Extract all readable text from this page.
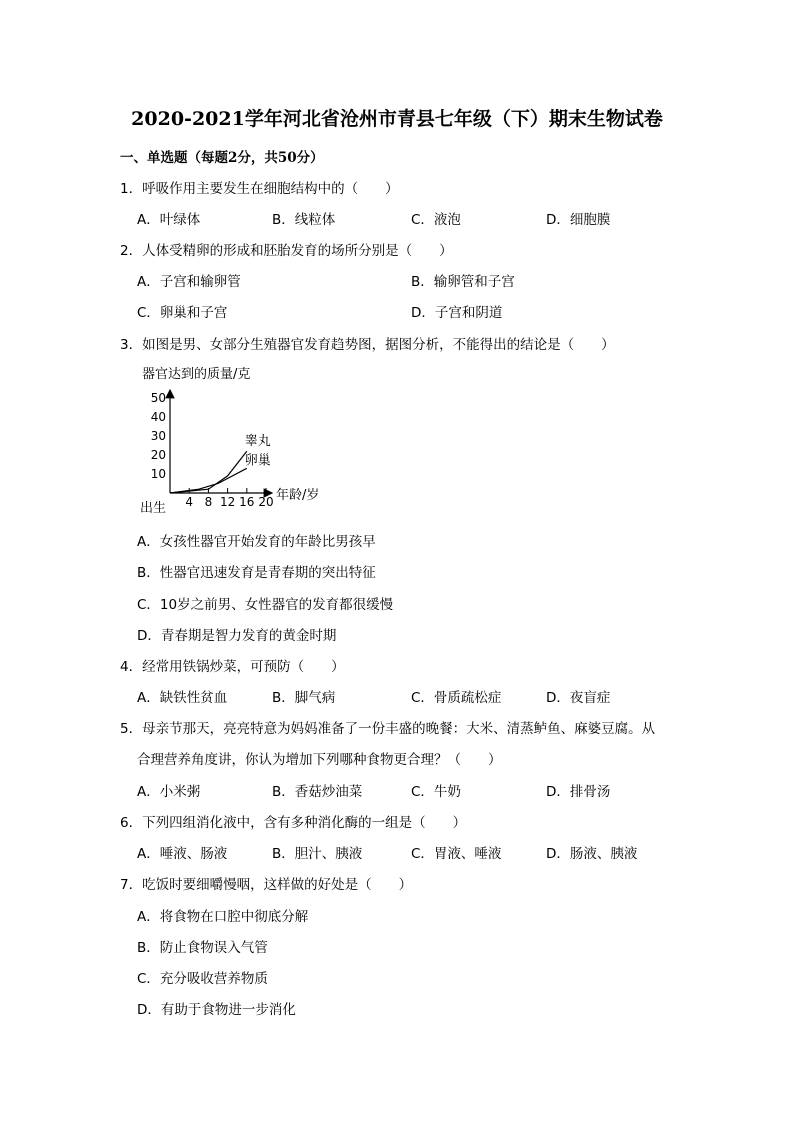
2020-2021学年河北省沧州市青县七年级（下）期末生物试卷
一、单选题（每题2分，共50分）
1．呼吸作用主要发生在细胞结构中的（　　）
A．叶绿体	B．线粒体	C．液泡	D．细胞膜
2．人体受精卵的形成和胚胎发育的场所分别是（　　）
A．子宫和输卵管	B．输卵管和子宫
C．卵巢和子宫	D．子宫和阴道
3．如图是男、女部分生殖器官发育趋势图，据图分析，不能得出的结论是（　　）
器官达到的质量/克
年龄/岁
出生
10
20
30
40
50
4 8 12 16 20
睾丸
卵巢
A．女孩性器官开始发育的年龄比男孩早
B．性器官迅速发育是青春期的突出特征
C．10岁之前男、女性器官的发育都很缓慢
D．青春期是智力发育的黄金时期
4．经常用铁锅炒菜，可预防（　　）
A．缺铁性贫血	B．脚气病	C．骨质疏松症	D．夜盲症
5．母亲节那天，亮亮特意为妈妈准备了一份丰盛的晚餐：大米、清蒸鲈鱼、麻婆豆腐。从
合理营养角度讲，你认为增加下列哪种食物更合理？（　　）
A．小米粥	B．香菇炒油菜	C．牛奶	D．排骨汤
6．下列四组消化液中，含有多种消化酶的一组是（　　）
A．唾液、肠液	B．胆汁、胰液	C．胃液、唾液	D．肠液、胰液
7．吃饭时要细嚼慢咽，这样做的好处是（　　）
A．将食物在口腔中彻底分解
B．防止食物误入气管
C．充分吸收营养物质
D．有助于食物进一步消化
